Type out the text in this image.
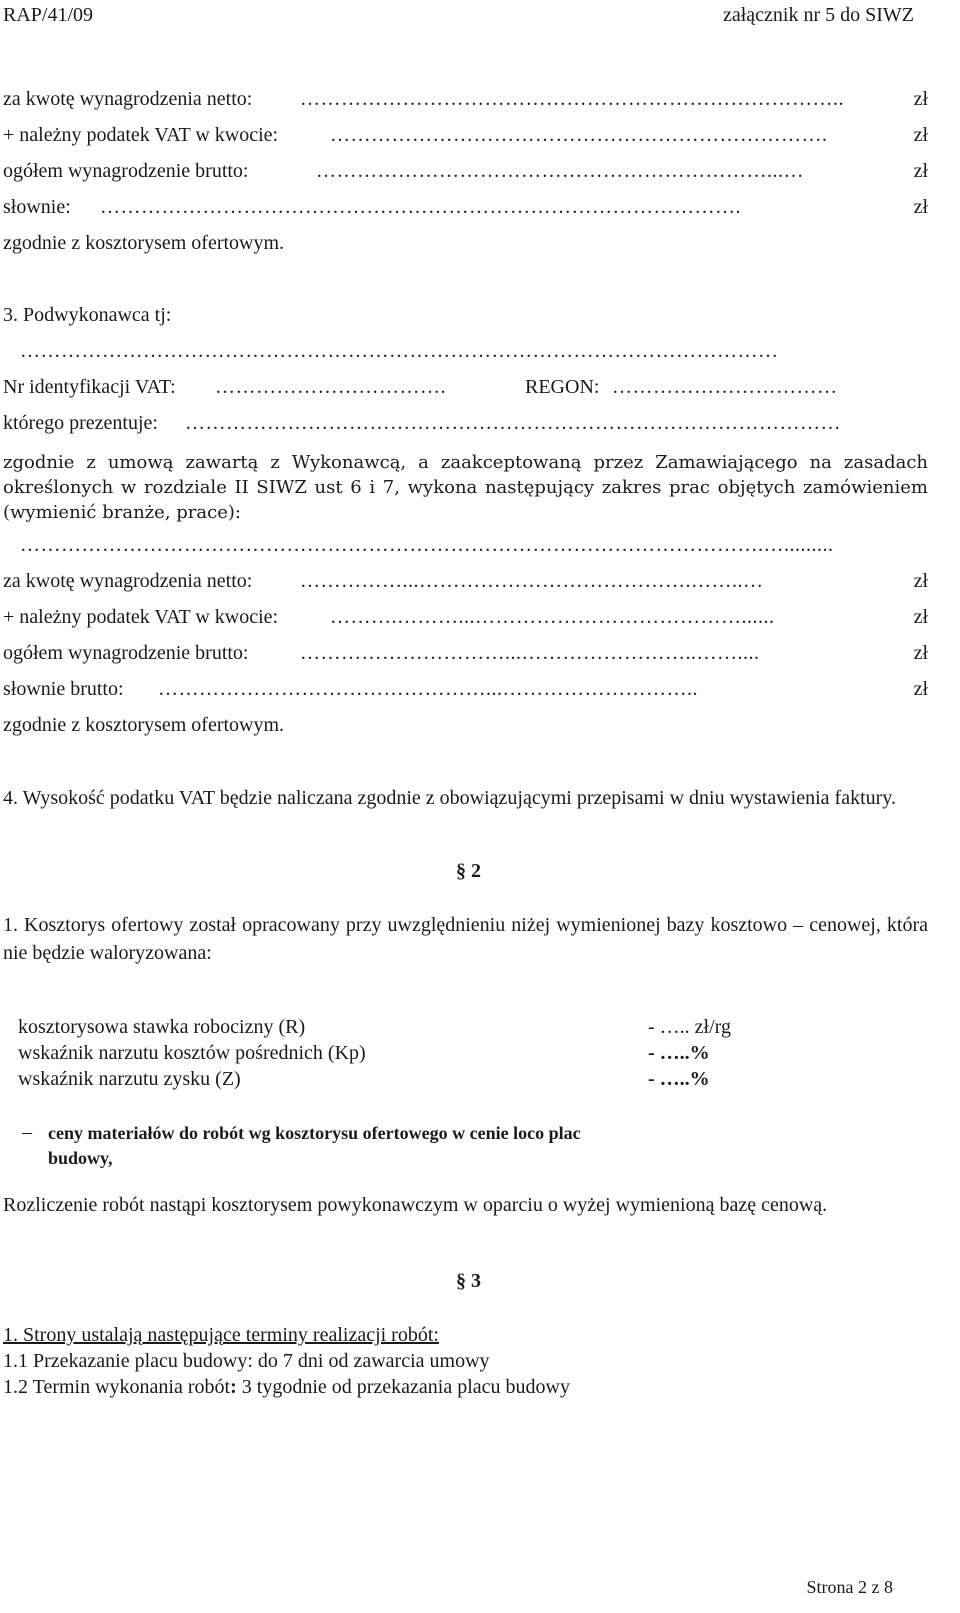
RAP/41/09	załącznik nr 5 do SIWZ
za kwotę wynagrodzenia netto: ……………………………………………………………………..	zł
+ należny podatek VAT w kwocie:	……………………………………………………………….	zł
ogółem wynagrodzenie brutto:	…………………………………………………………...…	zł
słownie: ………………………………………………………………………………….	zł
zgodnie z kosztorysem ofertowym.
3. Podwykonawca tj:
…………………………………………………………………………………………………
Nr identyfikacji VAT: …………………………….	REGON: ……………………………
którego prezentuje: ……………………………………………………………………………………
zgodnie z umową zawartą z Wykonawcą, a zaakceptowaną przez Zamawiającego na zasadach określonych w rozdziale II SIWZ ust 6 i 7, wykona następujący zakres prac objętych zamówieniem (wymienić branże, prace):
……………………………………………………………………………………………….….........
za kwotę wynagrodzenia netto: ……………...………………………………….……..…	zł
+ należny podatek VAT w kwocie:	……….………...…………………………………......	zł
ogółem wynagrodzenie brutto:	…………………………...……………………..……....	zł
słownie brutto: …………………………………………...………………………..	zł
zgodnie z kosztorysem ofertowym.
4. Wysokość podatku VAT będzie naliczana zgodnie z obowiązującymi przepisami w dniu wystawienia faktury.
§ 2
1. Kosztorys ofertowy został opracowany przy uwzględnieniu niżej wymienionej bazy kosztowo – cenowej, która nie będzie waloryzowana:
kosztorysowa stawka robocizny (R)	- ….. zł/rg
wskaźnik narzutu kosztów pośrednich (Kp)	- …..%
wskaźnik narzutu zysku (Z)	- …..%
– ceny materiałów do robót wg kosztorysu ofertowego w cenie loco plac budowy,
Rozliczenie robót nastąpi kosztorysem powykonawczym w oparciu o wyżej wymienioną bazę cenową.
§ 3
1. Strony ustalają następujące terminy realizacji robót:
1.1 Przekazanie placu budowy: do 7 dni od zawarcia umowy
1.2 Termin wykonania robót: 3 tygodnie od przekazania placu budowy
Strona 2 z 8
